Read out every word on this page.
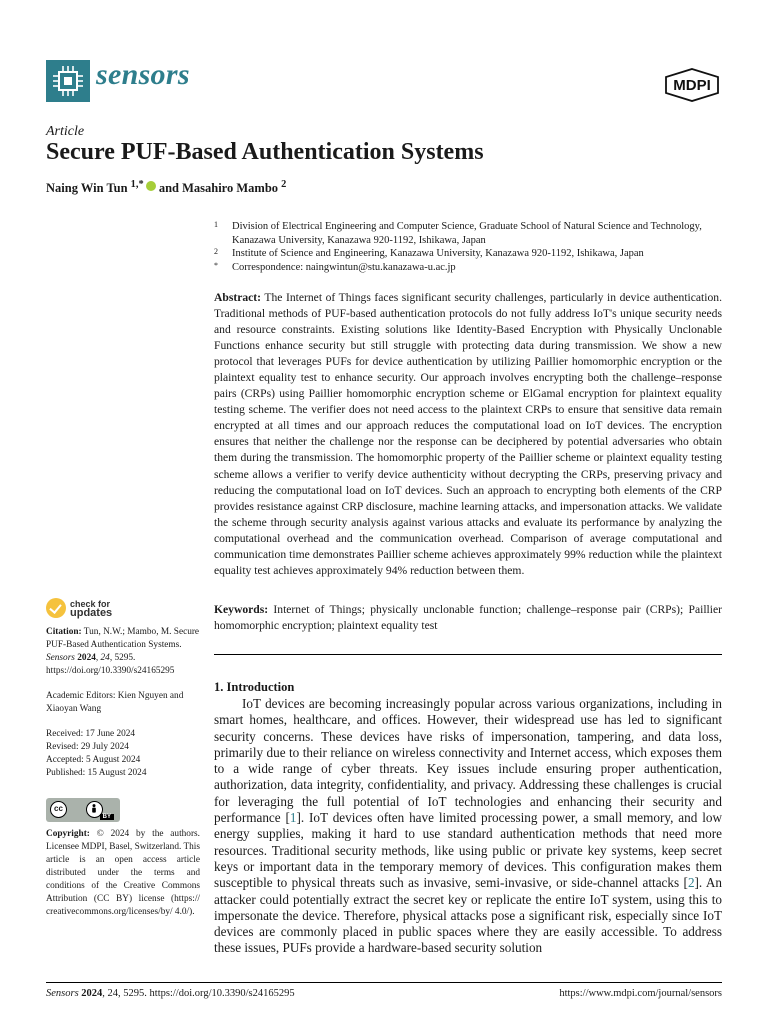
sensors	MDPI
Article
Secure PUF-Based Authentication Systems
Naing Win Tun $^{1,*}$ and Masahiro Mambo $^2$
1 Division of Electrical Engineering and Computer Science, Graduate School of Natural Science and Technology, Kanazawa University, Kanazawa 920-1192, Ishikawa, Japan
2 Institute of Science and Engineering, Kanazawa University, Kanazawa 920-1192, Ishikawa, Japan
* Correspondence: naingwintun@stu.kanazawa-u.ac.jp

Abstract: The Internet of Things faces significant security challenges, particularly in device authentication. Traditional methods of PUF-based authentication protocols do not fully address IoT's unique security needs and resource constraints. Existing solutions like Identity-Based Encryption with Physically Unclonable Functions enhance security but still struggle with protecting data during transmission. We show a new protocol that leverages PUFs for device authentication by utilizing Paillier homomorphic encryption or the plaintext equality test to enhance security. Our approach involves encrypting both the challenge–response pairs (CRPs) using Paillier homomorphic encryption scheme or ElGamal encryption for plaintext equality testing scheme. The verifier does not need access to the plaintext CRPs to ensure that sensitive data remain encrypted at all times and our approach reduces the computational load on IoT devices. The encryption ensures that neither the challenge nor the response can be deciphered by potential adversaries who obtain them during the transmission. The homomorphic property of the Paillier scheme or plaintext equality testing scheme allows a verifier to verify device authenticity without decrypting the CRPs, preserving privacy and reducing the computational load on IoT devices. Such an approach to encrypting both elements of the CRP provides resistance against CRP disclosure, machine learning attacks, and impersonation attacks. We validate the scheme through security analysis against various attacks and evaluate its performance by analyzing the computational overhead and the communication overhead. Comparison of average computational and communication time demonstrates Paillier scheme achieves approximately 99% reduction while the plaintext equality test achieves approximately 94% reduction between them.

Keywords: Internet of Things; physically unclonable function; challenge–response pair (CRPs); Paillier homomorphic encryption; plaintext equality test

1. Introduction

IoT devices are becoming increasingly popular across various organizations, including in smart homes, healthcare, and offices. However, their widespread use has led to significant security concerns. These devices have risks of impersonation, tampering, and data loss, primarily due to their reliance on wireless connectivity and Internet access, which exposes them to a wide range of cyber threats. Key issues include ensuring proper authentication, authorization, data integrity, confidentiality, and privacy. Addressing these challenges is crucial for leveraging the full potential of IoT technologies and enhancing their security and performance [1]. IoT devices often have limited processing power, a small memory, and low energy supplies, making it hard to use standard authentication methods that need more resources. Traditional security methods, like using public or private key systems, keep secret keys or important data in the temporary memory of devices. This configuration makes them susceptible to physical threats such as invasive, semi-invasive, or side-channel attacks [2]. An attacker could potentially extract the secret key or replicate the entire IoT system, using this to impersonate the device. Therefore, physical attacks pose a significant risk, especially since IoT devices are commonly placed in public spaces where they are easily accessible. To address these issues, PUFs provide a hardware-based security solution

check for
updates

Citation: Tun, N.W.; Mambo, M. Secure PUF-Based Authentication Systems. Sensors 2024, 24, 5295. https://doi.org/10.3390/s24165295

Academic Editors: Kien Nguyen and Xiaoyan Wang

Received: 17 June 2024
Revised: 29 July 2024
Accepted: 5 August 2024
Published: 15 August 2024
cc
BY

Copyright: © 2024 by the authors. Licensee MDPI, Basel, Switzerland. This article is an open access article distributed under the terms and conditions of the Creative Commons Attribution (CC BY) license (https:// creativecommons.org/licenses/by/ 4.0/).

Sensors 2024, 24, 5295. https://doi.org/10.3390/s24165295	https://www.mdpi.com/journal/sensors
